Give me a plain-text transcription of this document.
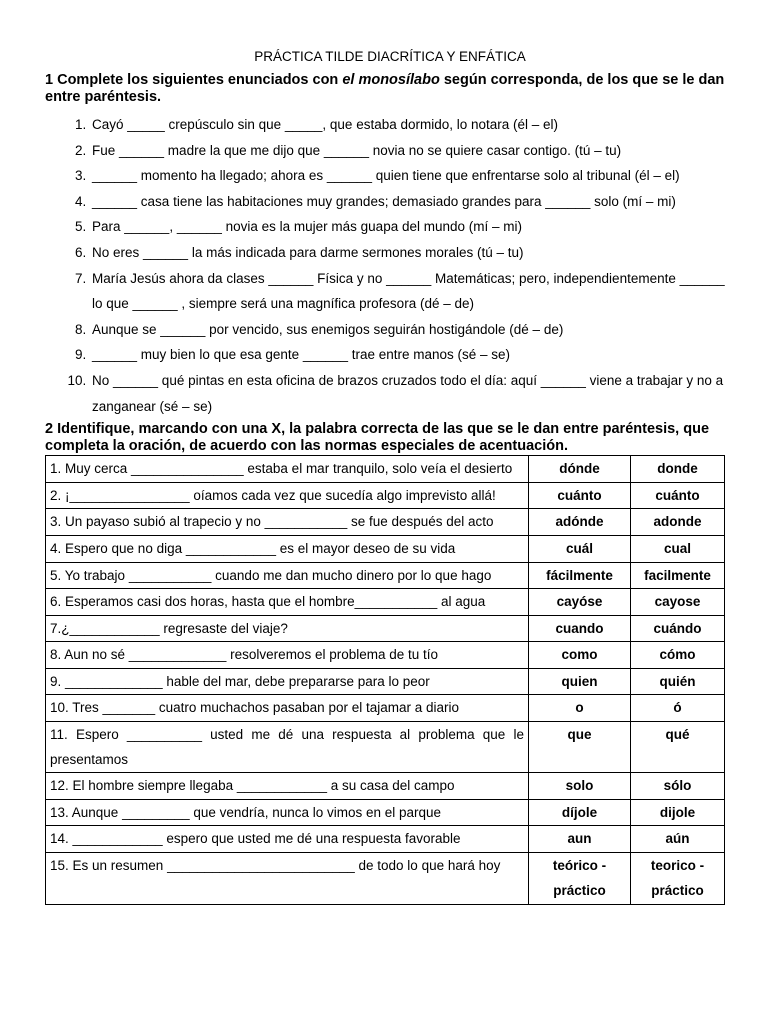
PRÁCTICA TILDE DIACRÍTICA Y ENFÁTICA
1 Complete los siguientes enunciados con el monosílabo según corresponda, de los que se le dan entre paréntesis.
1. Cayó _____ crepúsculo sin que _____, que estaba dormido, lo notara (él – el)
2. Fue ______ madre la que me dijo que ______ novia no se quiere casar contigo. (tú – tu)
3. ______ momento ha llegado; ahora es ______ quien tiene que enfrentarse solo al tribunal (él – el)
4. ______ casa tiene las habitaciones muy grandes; demasiado grandes para ______ solo (mí – mi)
5. Para ______, ______ novia es la mujer más guapa del mundo (mí – mi)
6. No eres ______ la más indicada para darme sermones morales (tú – tu)
7. María Jesús ahora da clases ______ Física y no ______ Matemáticas; pero, independientemente ______ lo que ______ , siempre será una magnífica profesora (dé – de)
8. Aunque se ______ por vencido, sus enemigos seguirán hostigándole (dé – de)
9. ______ muy bien lo que esa gente ______ trae entre manos (sé – se)
10. No ______ qué pintas en esta oficina de brazos cruzados todo el día: aquí ______ viene a trabajar y no a zanganear (sé – se)
2 Identifique, marcando con una X, la palabra correcta de las que se le dan entre paréntesis, que completa la oración, de acuerdo con las normas especiales de acentuación.
1. Muy cerca _______________ estaba el mar tranquilo, solo veía el desierto	dónde	donde
2. ¡________________ oíamos cada vez que sucedía algo imprevisto allá!	cuánto	cuánto
3. Un payaso subió al trapecio y no ___________ se fue después del acto	adónde	adonde
4. Espero que no diga ____________ es el mayor deseo de su vida	cuál	cual
5. Yo trabajo ___________ cuando me dan mucho dinero por lo que hago	fácilmente	facilmente
6. Esperamos casi dos horas, hasta que el hombre___________ al agua	cayóse	cayose
7.¿____________ regresaste del viaje?	cuando	cuándo
8. Aun no sé _____________ resolveremos el problema de tu tío	como	cómo
9. _____________ hable del mar, debe prepararse para lo peor	quien	quién
10. Tres _______ cuatro muchachos pasaban por el tajamar a diario	o	ó
11. Espero __________ usted me dé una respuesta al problema que le presentamos	que	qué
12. El hombre siempre llegaba ____________ a su casa del campo	solo	sólo
13. Aunque _________ que vendría, nunca lo vimos en el parque	díjole	dijole
14. ____________ espero que usted me dé una respuesta favorable	aun	aún
15. Es un resumen _________________________ de todo lo que hará hoy	teórico - práctico	teorico - práctico
